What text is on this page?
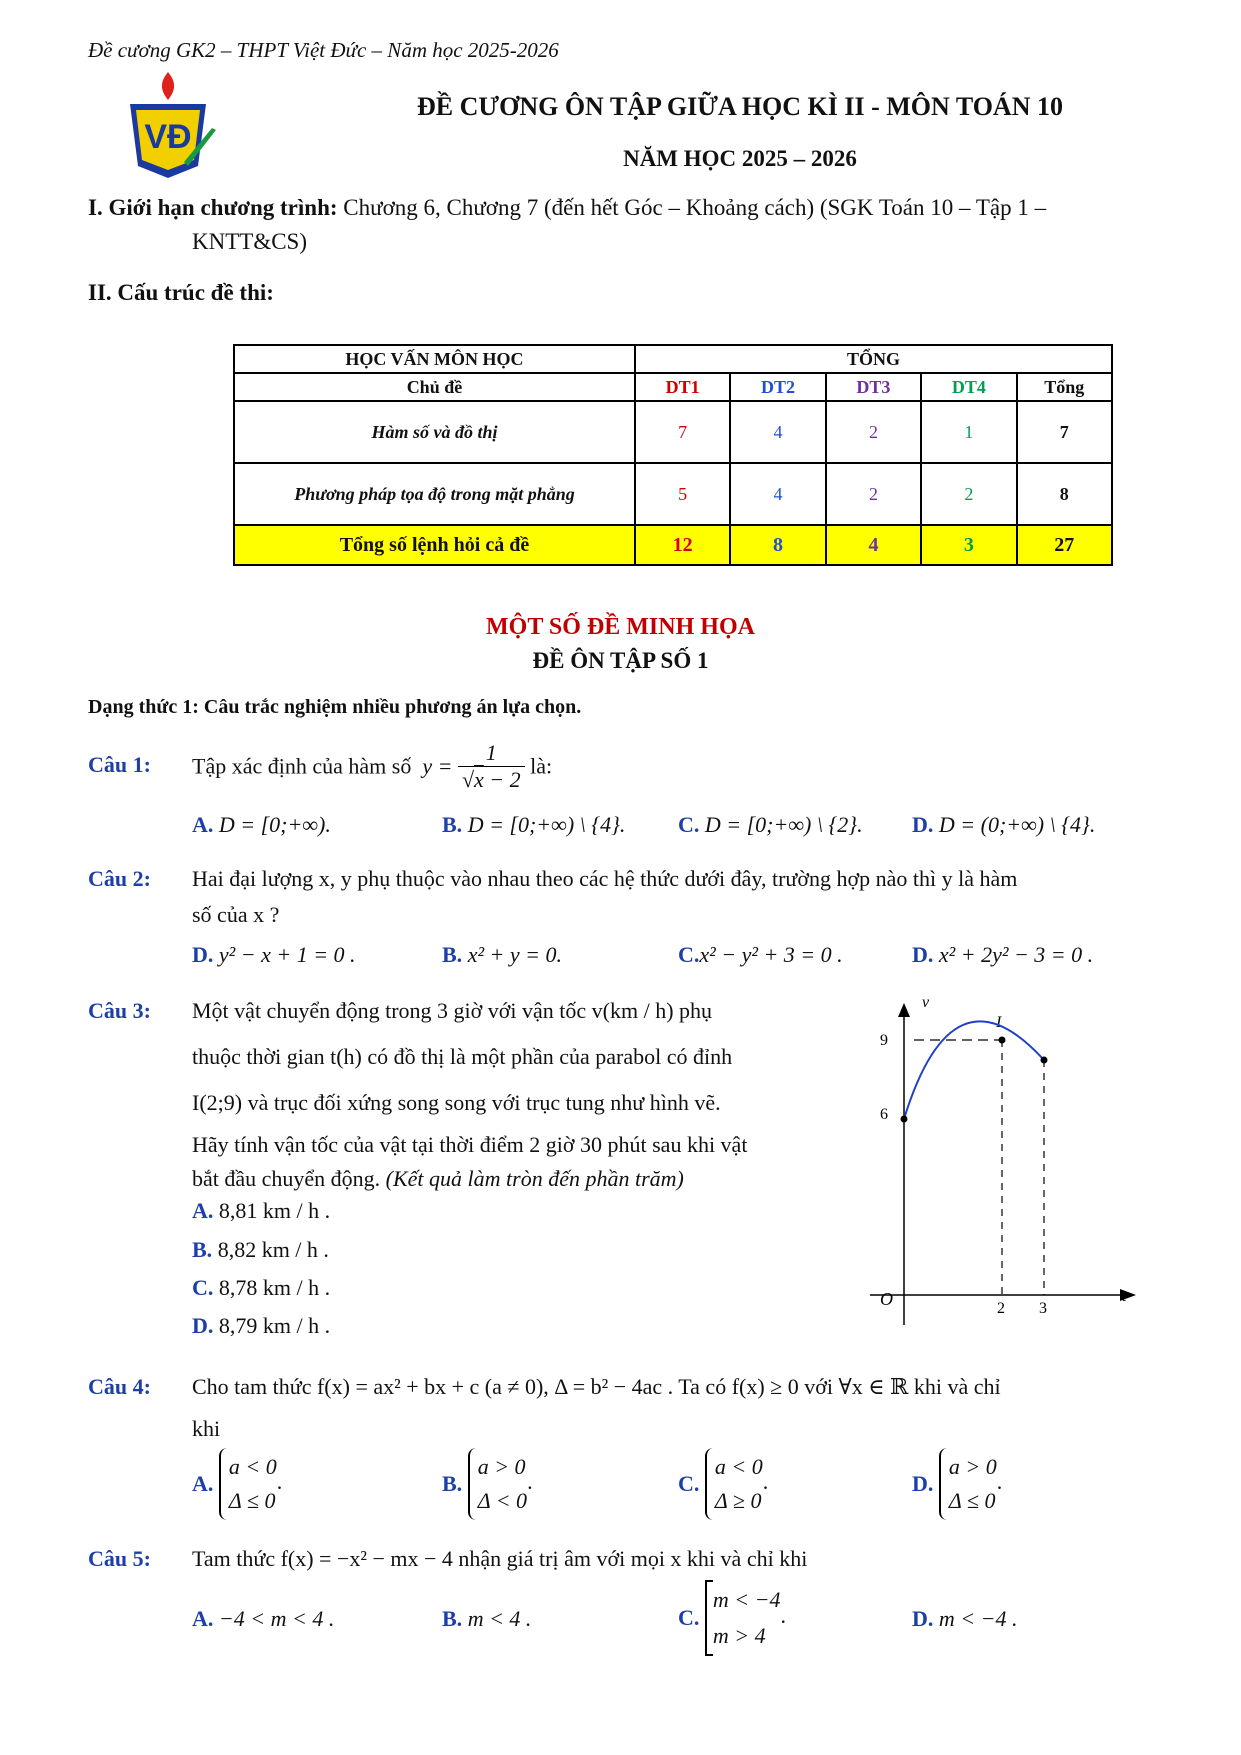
Đề cương GK2 – THPT Việt Đức – Năm học 2025-2026
VĐ
ĐỀ CƯƠNG ÔN TẬP GIỮA HỌC KÌ II - MÔN TOÁN 10
NĂM HỌC 2025 – 2026
I. Giới hạn chương trình: Chương 6, Chương 7 (đến hết Góc – Khoảng cách) (SGK Toán 10 – Tập 1 –
KNTT&CS)
II. Cấu trúc đề thi:
HỌC VẤN MÔN HỌC	TỔNG				
Chủ đề	DT1	DT2	DT3	DT4	Tổng
Hàm số và đồ thị	7	4	2	1	7
Phương pháp tọa độ trong mặt phẳng	5	4	2	2	8
Tổng số lệnh hỏi cả đề	12	8	4	3	27
MỘT SỐ ĐỀ MINH HỌA
ĐỀ ÔN TẬP SỐ 1
Dạng thức 1: Câu trắc nghiệm nhiều phương án lựa chọn.
Câu 1: Tập xác định của hàm số  $y = \frac{1}{√x - 2}$ là:
A. D = [0;+∞).	B. D = [0;+∞) \ {4}. C. D = [0;+∞) \ {2}. D. D = (0;+∞) \ {4}.
Câu 2: Hai đại lượng x, y phụ thuộc vào nhau theo các hệ thức dưới đây, trường hợp nào thì y là hàm
số của x ?
D. y² − x + 1 = 0 .	B. x² + y = 0.	C.x² − y² + 3 = 0 .	D. x² + 2y² − 3 = 0 .
Câu 3: Một vật chuyển động trong 3 giờ với vận tốc v(km / h) phụ
thuộc thời gian t(h) có đồ thị là một phần của parabol có đỉnh
I(2;9) và trục đối xứng song song với trục tung như hình vẽ.
Hãy tính vận tốc của vật tại thời điểm 2 giờ 30 phút sau khi vật
bắt đầu chuyển động. (Kết quả làm tròn đến phần trăm)
A. 8,81 km / h .
B. 8,82 km / h .
C. 8,78 km / h .
D. 8,79 km / h .
v
t
O
9
6
2 3
I
Câu 4: Cho tam thức f(x) = ax² + bx + c (a ≠ 0), Δ = b² − 4ac . Ta có f(x) ≥ 0 với ∀x ∈ ℝ khi và chỉ
khi
A. a < 0
Δ ≤ 0.	B. a > 0
Δ < 0.	C. a < 0
Δ ≥ 0.	D. a > 0
Δ ≤ 0.
Câu 5: Tam thức f(x) = −x² − mx − 4 nhận giá trị âm với mọi x khi và chỉ khi
A. −4 < m < 4 .	B. m < 4 .	C. m < −4
m > 4.	D. m < −4 .
